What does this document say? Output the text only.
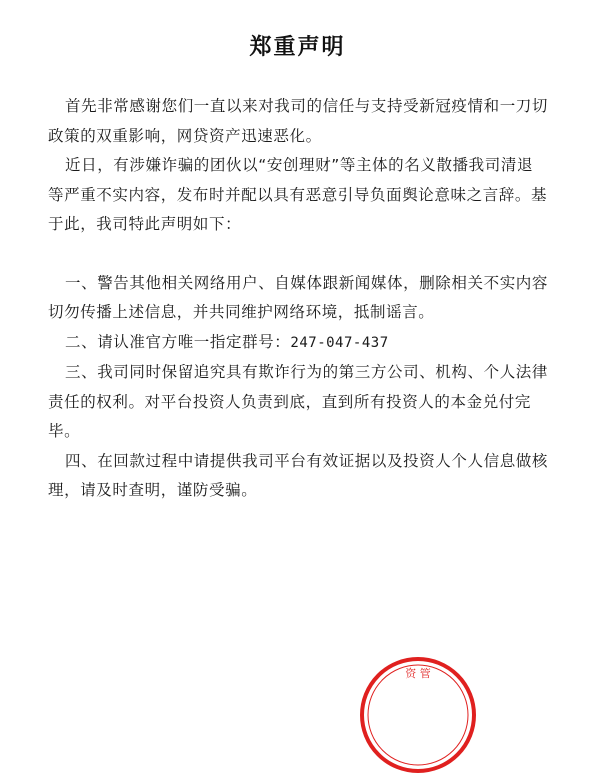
郑重声明

首先非常感谢您们一直以来对我司的信任与支持受新冠疫情和一刀切政策的双重影响，网贷资产迅速恶化。

近日，有涉嫌诈骗的团伙以“安创理财”等主体的名义散播我司清退等严重不实内容，发布时并配以具有恶意引导负面舆论意味之言辞。基于此，我司特此声明如下：

一、警告其他相关网络用户、自媒体跟新闻媒体，删除相关不实内容切勿传播上述信息，并共同维护网络环境，抵制谣言。

二、请认准官方唯一指定群号：247-047-437

三、我司同时保留追究具有欺诈行为的第三方公司、机构、个人法律责任的权利。对平台投资人负责到底，直到所有投资人的本金兑付完毕。

四、在回款过程中请提供我司平台有效证据以及投资人个人信息做核理，请及时查明，谨防受骗。

资 管
